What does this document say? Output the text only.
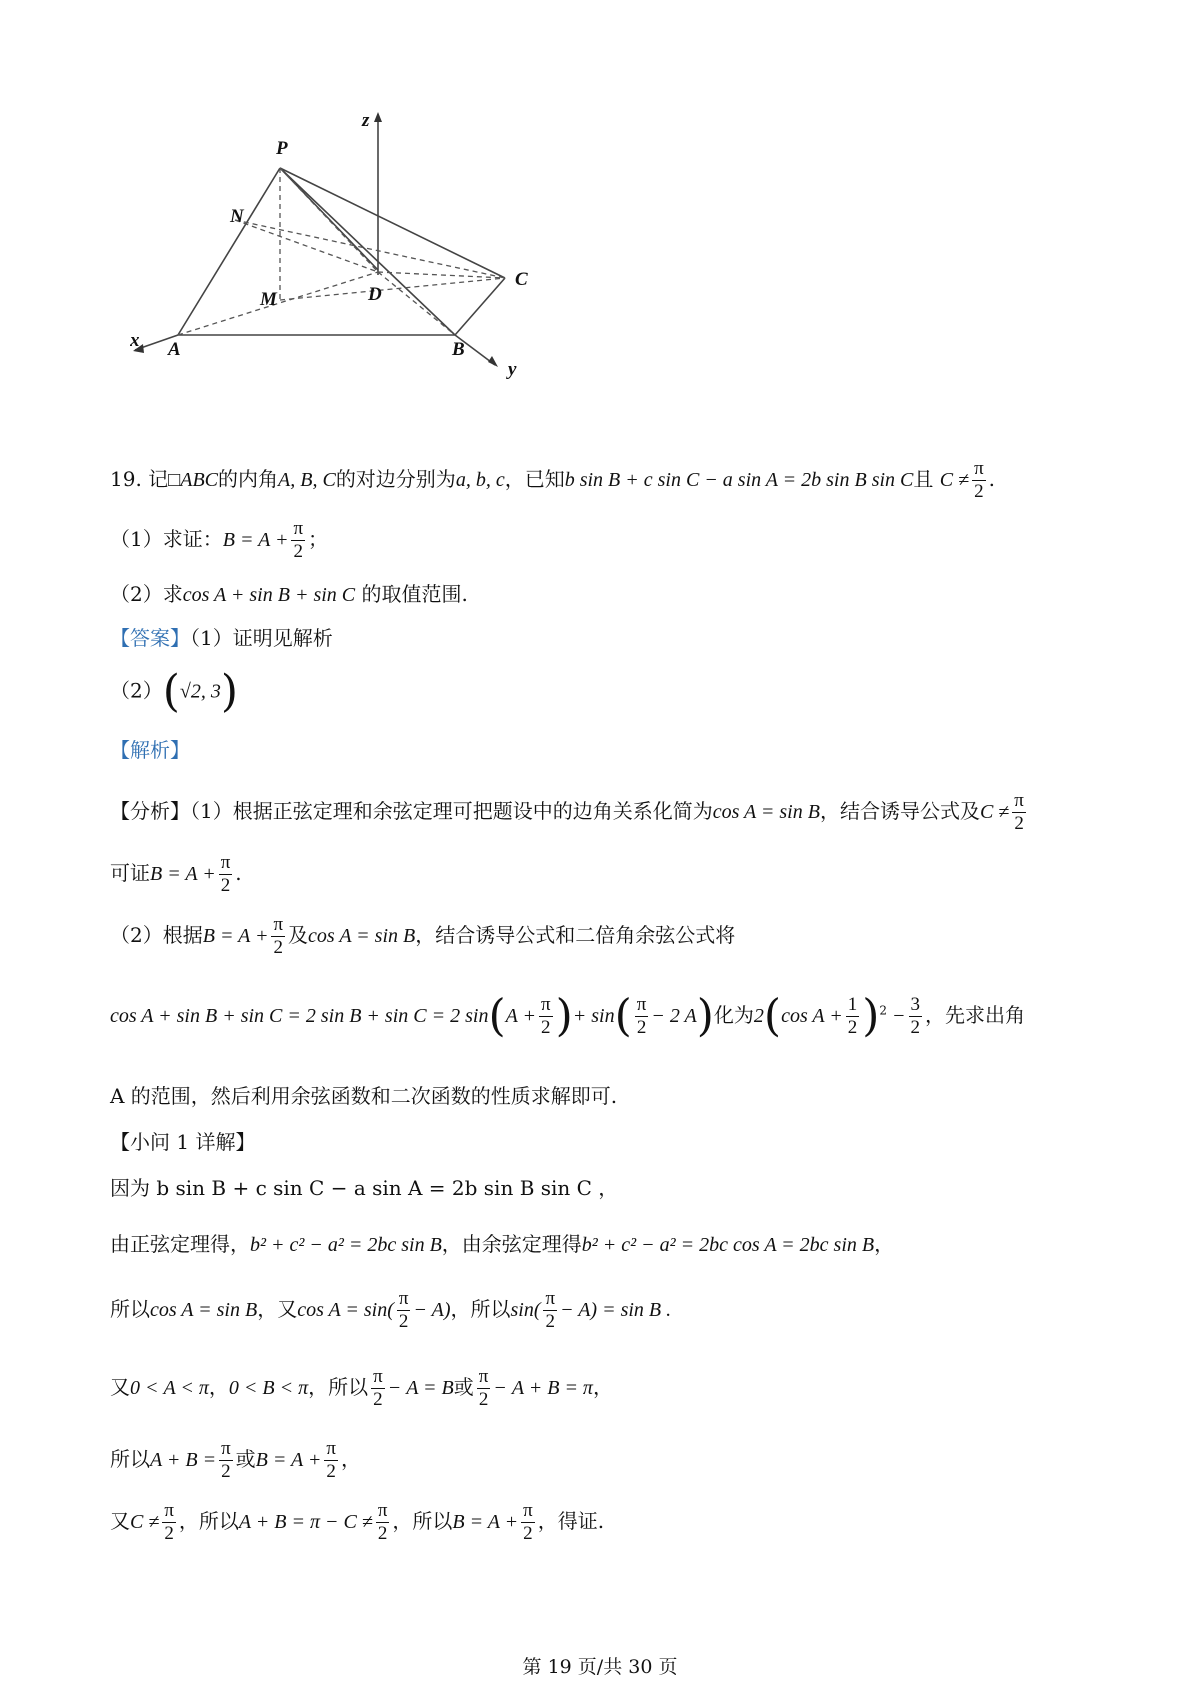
P
N
M	D
C
A	B
x
y
z
19. 记□ABC的内角A, B, C的对边分别为a, b, c，已知b sin B + c sin C − a sin A = 2b sin B sin C且 $C \ne \frac{\pi}{2}$ .
（1）求证：$B = A + \frac{\pi}{2}$ ；
（2）求cos A + sin B + sin C 的取值范围.
【答案】（1）证明见解析
（2）(√2, 3)
【解析】
【分析】（1）根据正弦定理和余弦定理可把题设中的边角关系化简为cos A = sin B，结合诱导公式及$C \ne \frac{\pi}{2}$
可证$B = A + \frac{\pi}{2}$ .
（2）根据$B = A + \frac{\pi}{2}$ 及cos A = sin B，结合诱导公式和二倍角余弦公式将
cos A + sin B + sin C = 2 sin B + sin C = 2 $\sin(A + \frac{\pi}{2}$ )+ $\sin( \frac{\pi}{2} - 2$ A)化为2(cos $A + \frac{1}{2} )^2 - \frac{3}{2}$ ，先求出角
A 的范围，然后利用余弦函数和二次函数的性质求解即可.
【小问 1 详解】
因为 b sin B + c sin C − a sin A = 2b sin B sin C ，
由正弦定理得，b² + c² − a² = 2bc sin B，由余弦定理得b² + c² − a² = 2bc cos A = 2bc sin B，
所以cos A = sin B，又$\cos A = \sin( \frac{\pi}{2} - A)$，所以$\sin( \frac{\pi}{2} - A) = \sin B$ .
又0 < A < π，0 < B < π，所以 $\frac{\pi}{2} - A = B$或 $\frac{\pi}{2} - A + B = \pi$，
所以$A + B = \frac{\pi}{2}$ 或$B = A + \frac{\pi}{2}$ ，
又$C \ne \frac{\pi}{2}$ ，所以$A + B = \pi - C \ne \frac{\pi}{2}$ ，所以$B = A + \frac{\pi}{2}$ ，得证.
第 19 页/共 30 页
